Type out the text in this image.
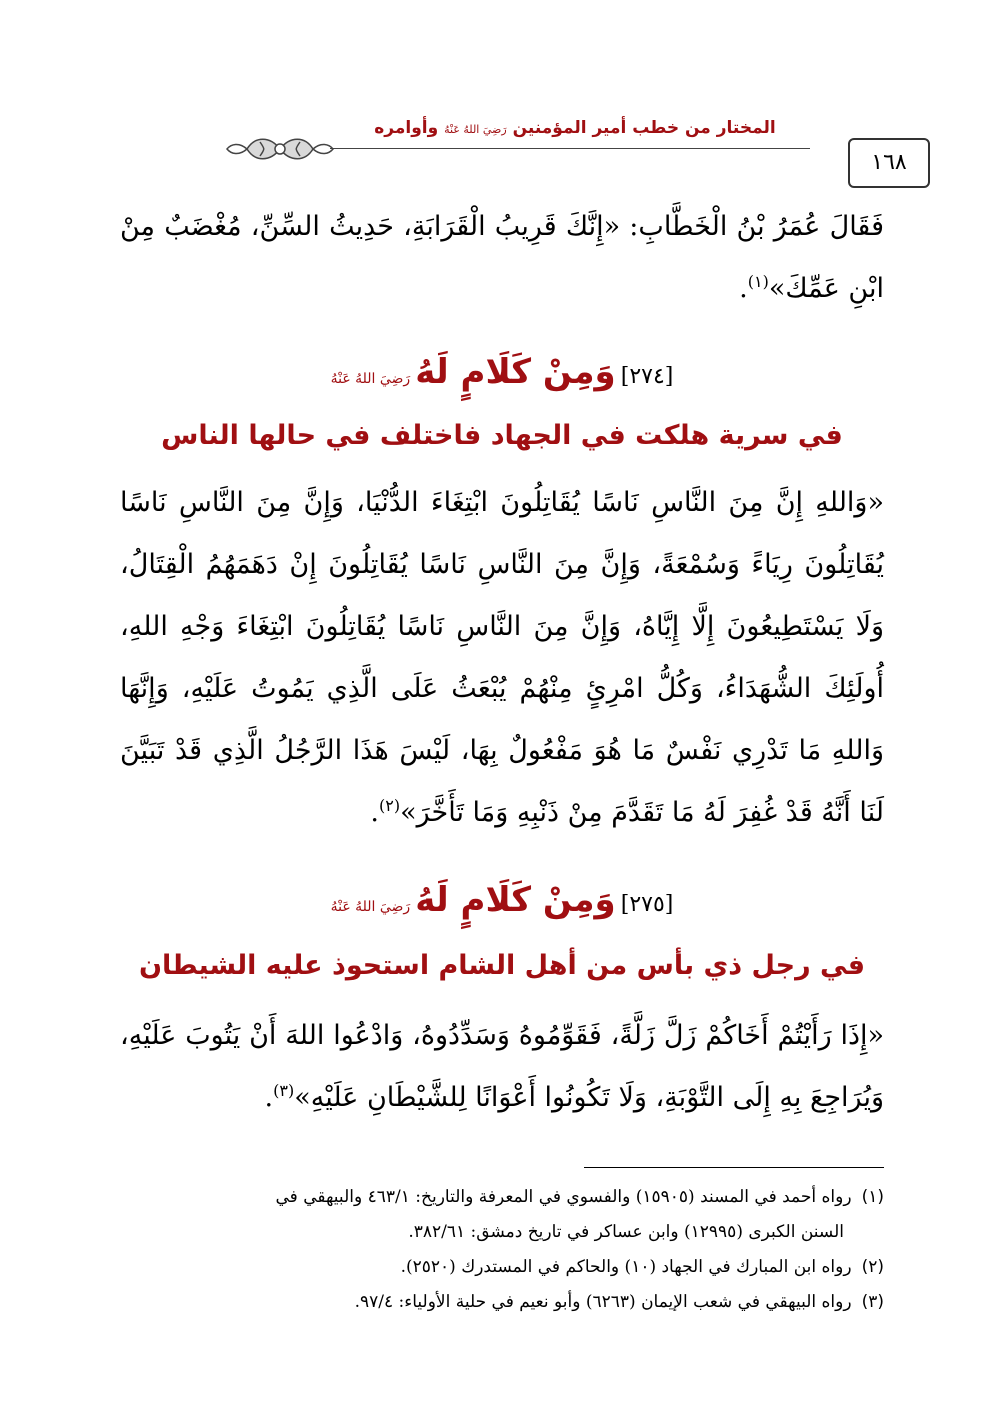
١٦٨
المختار من خطب أمير المؤمنين رَضِيَ اللهُ عَنْهُ وأوامره
فَقَالَ عُمَرُ بْنُ الْخَطَّابِ: «إِنَّكَ قَرِيبُ الْقَرَابَةِ، حَدِيثُ السِّنِّ، مُغْضَبٌ مِنْ ابْنِ عَمِّكَ»$^{(١)}$.
[٢٧٤] وَمِنْ كَلَامٍ لَهُ رَضِيَ اللهُ عَنْهُ
في سرية هلكت في الجهاد فاختلف في حالها الناس
«وَاللهِ إِنَّ مِنَ النَّاسِ نَاسًا يُقَاتِلُونَ ابْتِغَاءَ الدُّنْيَا، وَإِنَّ مِنَ النَّاسِ نَاسًا يُقَاتِلُونَ رِيَاءً وَسُمْعَةً، وَإِنَّ مِنَ النَّاسِ نَاسًا يُقَاتِلُونَ إِنْ دَهَمَهُمُ الْقِتَالُ، وَلَا يَسْتَطِيعُونَ إِلَّا إِيَّاهُ، وَإِنَّ مِنَ النَّاسِ نَاسًا يُقَاتِلُونَ ابْتِغَاءَ وَجْهِ اللهِ، أُولَئِكَ الشُّهَدَاءُ، وَكُلُّ امْرِئٍ مِنْهُمْ يُبْعَثُ عَلَى الَّذِي يَمُوتُ عَلَيْهِ، وَإِنَّهَا وَاللهِ مَا تَدْرِي نَفْسٌ مَا هُوَ مَفْعُولٌ بِهَا، لَيْسَ هَذَا الرَّجُلُ الَّذِي قَدْ تَبَيَّنَ لَنَا أَنَّهُ قَدْ غُفِرَ لَهُ مَا تَقَدَّمَ مِنْ ذَنْبِهِ وَمَا تَأَخَّرَ»$^{(٢)}$.
[٢٧٥] وَمِنْ كَلَامٍ لَهُ رَضِيَ اللهُ عَنْهُ
في رجل ذي بأس من أهل الشام استحوذ عليه الشيطان
«إِذَا رَأَيْتُمْ أَخَاكُمْ زَلَّ زَلَّةً، فَقَوِّمُوهُ وَسَدِّدُوهُ، وَادْعُوا اللهَ أَنْ يَتُوبَ عَلَيْهِ، وَيُرَاجِعَ بِهِ إِلَى التَّوْبَةِ، وَلَا تَكُونُوا أَعْوَانًا لِلشَّيْطَانِ عَلَيْهِ»$^{(٣)}$.
(١)رواه أحمد في المسند (١٥٩٠٥) والفسوي في المعرفة والتاريخ: ٤٦٣/١ والبيهقي في
السنن الكبرى (١٢٩٩٥) وابن عساكر في تاريخ دمشق: ٣٨٢/٦١.
(٢)رواه ابن المبارك في الجهاد (١٠) والحاكم في المستدرك (٢٥٢٠).
(٣)رواه البيهقي في شعب الإيمان (٦٢٦٣) وأبو نعيم في حلية الأولياء: ٩٧/٤.
